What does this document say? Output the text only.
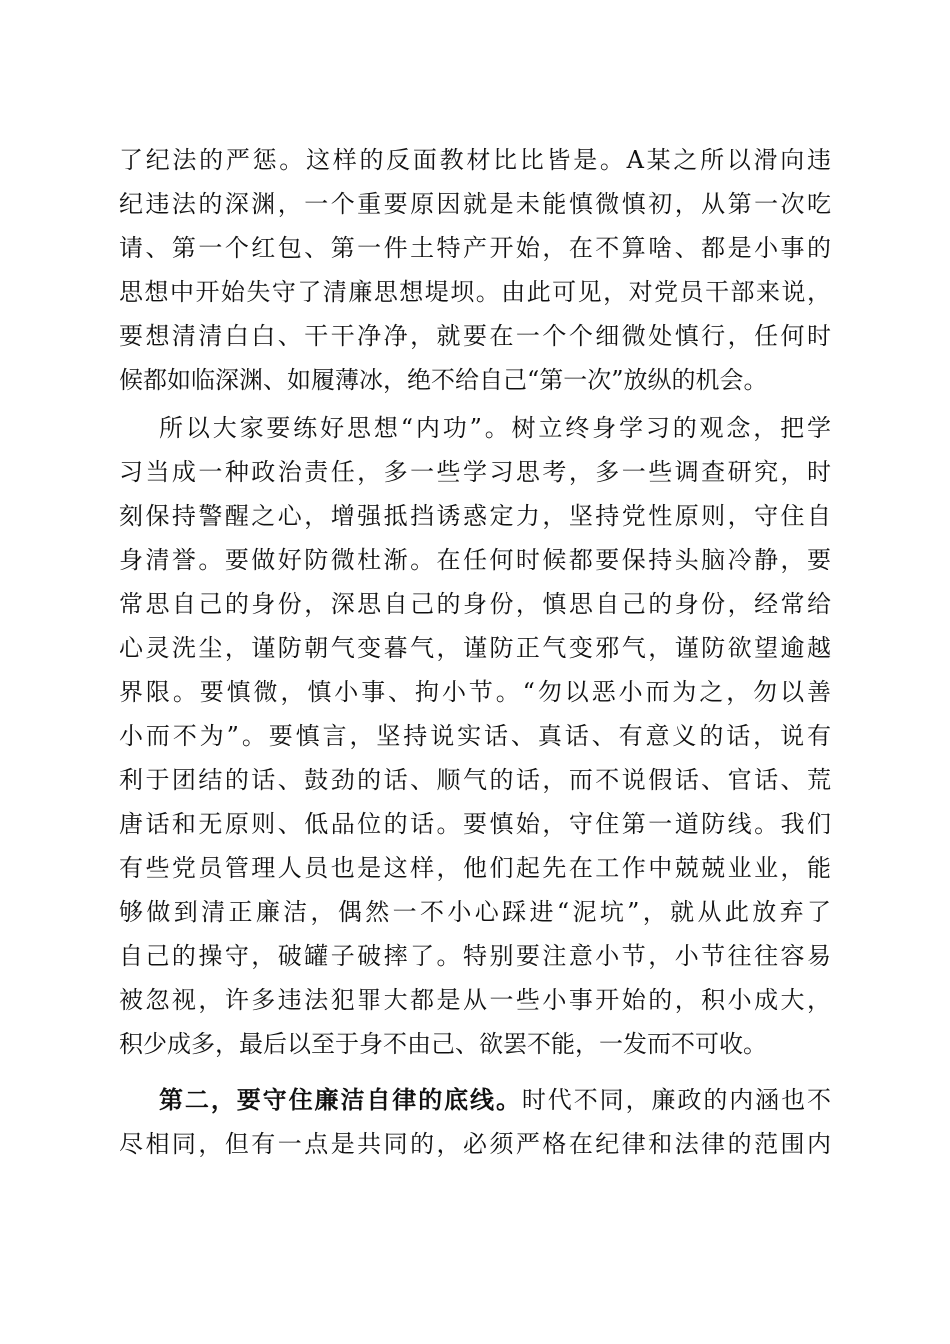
了纪法的严惩。这样的反面教材比比皆是。A某之所以滑向违
纪违法的深渊，一个重要原因就是未能慎微慎初，从第一次吃
请、第一个红包、第一件土特产开始，在不算啥、都是小事的
思想中开始失守了清廉思想堤坝。由此可见，对党员干部来说，
要想清清白白、干干净净，就要在一个个细微处慎行，任何时
候都如临深渊、如履薄冰，绝不给自己“第一次”放纵的机会。
所以大家要练好思想“内功”。树立终身学习的观念，把学
习当成一种政治责任，多一些学习思考，多一些调查研究，时
刻保持警醒之心，增强抵挡诱惑定力，坚持党性原则，守住自
身清誉。要做好防微杜渐。在任何时候都要保持头脑冷静，要
常思自己的身份，深思自己的身份，慎思自己的身份，经常给
心灵洗尘，谨防朝气变暮气，谨防正气变邪气，谨防欲望逾越
界限。要慎微，慎小事、拘小节。“勿以恶小而为之，勿以善
小而不为”。要慎言，坚持说实话、真话、有意义的话，说有
利于团结的话、鼓劲的话、顺气的话，而不说假话、官话、荒
唐话和无原则、低品位的话。要慎始，守住第一道防线。我们
有些党员管理人员也是这样，他们起先在工作中兢兢业业，能
够做到清正廉洁，偶然一不小心踩进“泥坑”，就从此放弃了
自己的操守，破罐子破摔了。特别要注意小节，小节往往容易
被忽视，许多违法犯罪大都是从一些小事开始的，积小成大，
积少成多，最后以至于身不由己、欲罢不能，一发而不可收。
第二，要守住廉洁自律的底线。时代不同，廉政的内涵也不
尽相同，但有一点是共同的，必须严格在纪律和法律的范围内
